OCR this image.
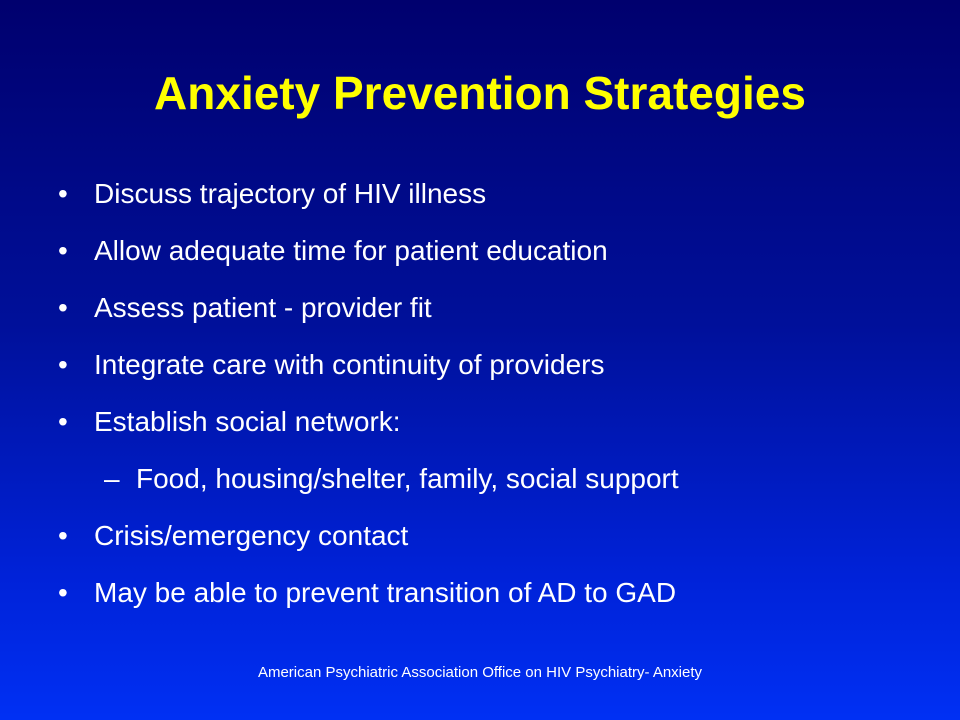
Anxiety Prevention Strategies
• Discuss trajectory of HIV illness
• Allow adequate time for patient education
• Assess patient - provider fit
• Integrate care with continuity of providers
• Establish social network:
– Food, housing/shelter, family, social support
• Crisis/emergency contact
• May be able to prevent transition of AD to GAD
American Psychiatric Association Office on HIV Psychiatry- Anxiety
